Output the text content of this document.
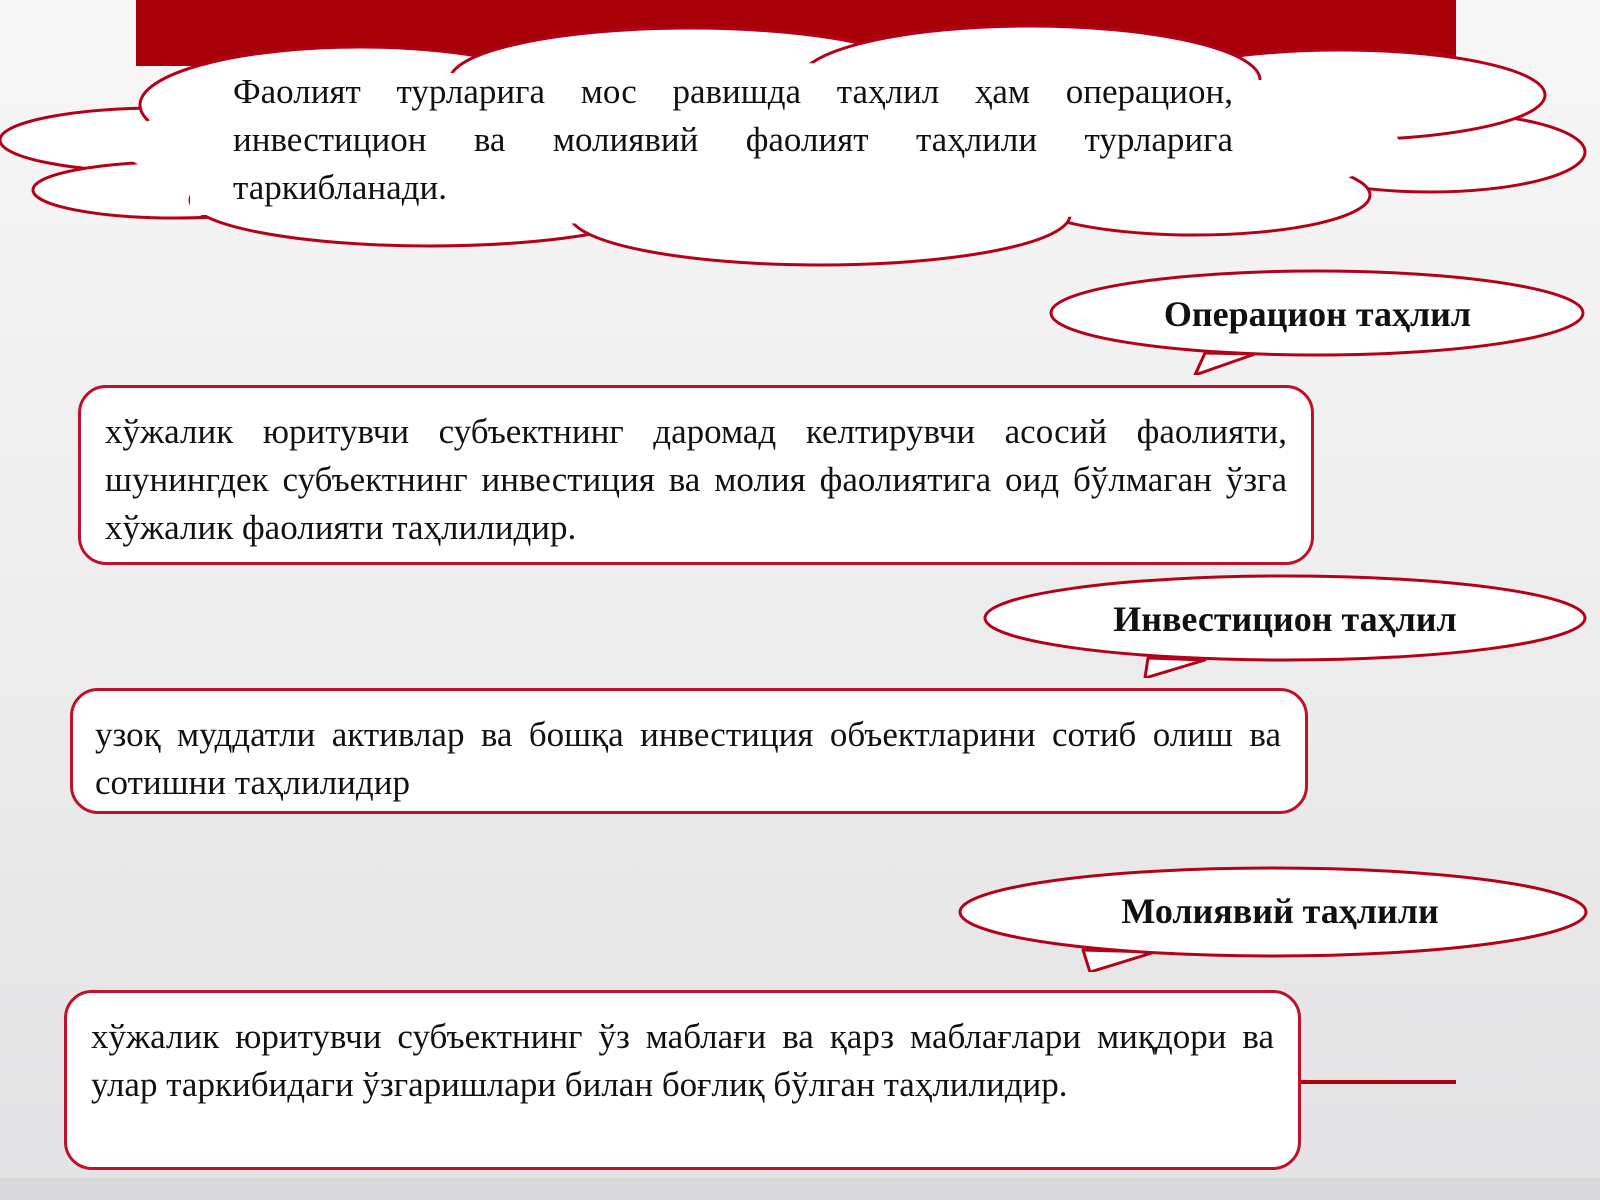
Фаолият турларига мос равишда таҳлил ҳам операцион, инвестицион ва молиявий фаолият таҳлили турларига таркибланади.
Операцион таҳлил
хўжалик юритувчи субъектнинг даромад келтирувчи асосий фаолияти, шунингдек субъектнинг инвестиция ва молия фаолиятига оид бўлмаган ўзга хўжалик фаолияти таҳлилидир.
Инвестицион таҳлил
узоқ муддатли активлар ва бошқа инвестиция объектларини сотиб олиш ва сотишни таҳлилидир
Молиявий таҳлили
хўжалик юритувчи субъектнинг ўз маблағи ва қарз маблағлари миқдори ва улар таркибидаги ўзгаришлари билан боғлиқ бўлган таҳлилидир.
